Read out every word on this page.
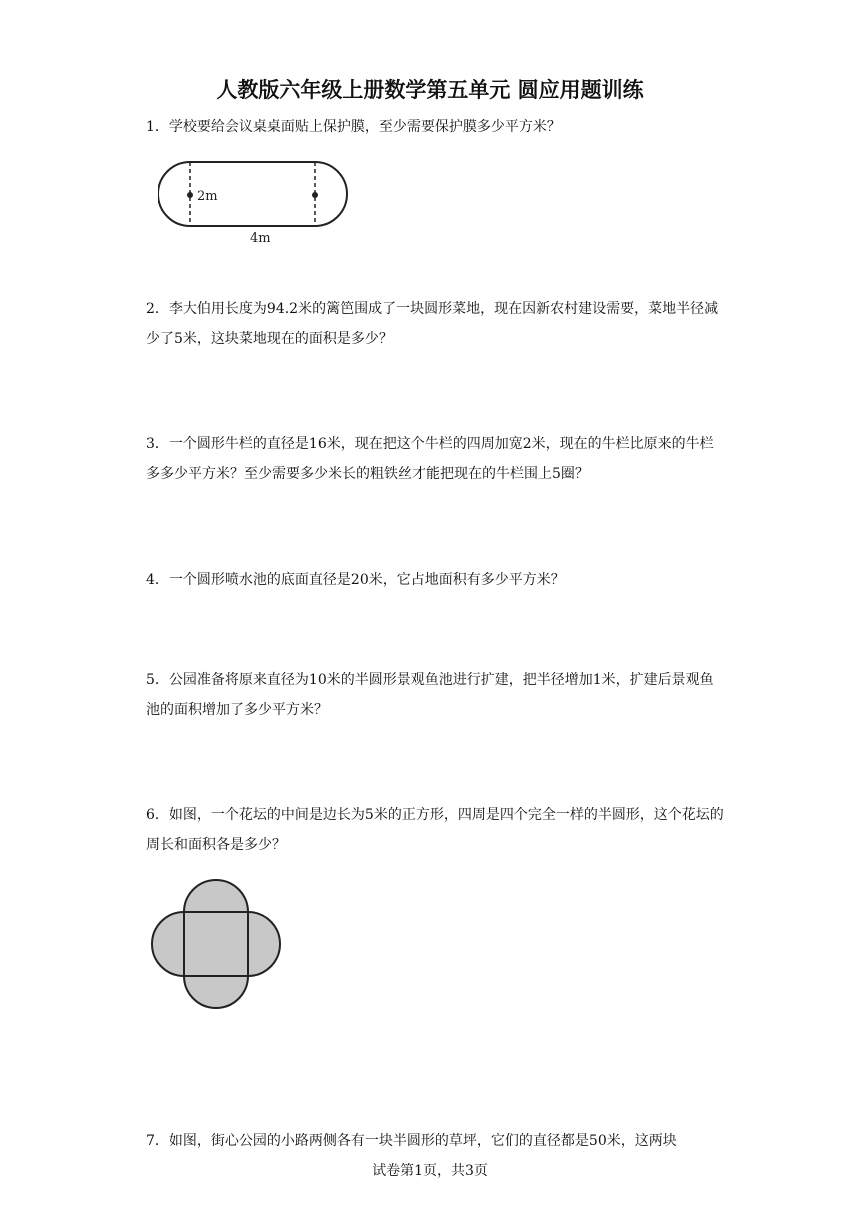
人教版六年级上册数学第五单元 圆应用题训练
1．学校要给会议桌桌面贴上保护膜，至少需要保护膜多少平方米？
2m
4m
2．李大伯用长度为94.2米的篱笆围成了一块圆形菜地，现在因新农村建设需要，菜地半径减少了5米，这块菜地现在的面积是多少？
3．一个圆形牛栏的直径是16米，现在把这个牛栏的四周加宽2米，现在的牛栏比原来的牛栏多多少平方米？至少需要多少米长的粗铁丝才能把现在的牛栏围上5圈？
4．一个圆形喷水池的底面直径是20米，它占地面积有多少平方米？
5．公园准备将原来直径为10米的半圆形景观鱼池进行扩建，把半径增加1米，扩建后景观鱼池的面积增加了多少平方米？
6．如图，一个花坛的中间是边长为5米的正方形，四周是四个完全一样的半圆形，这个花坛的周长和面积各是多少？
7．如图，街心公园的小路两侧各有一块半圆形的草坪，它们的直径都是50米，这两块
试卷第1页，共3页
